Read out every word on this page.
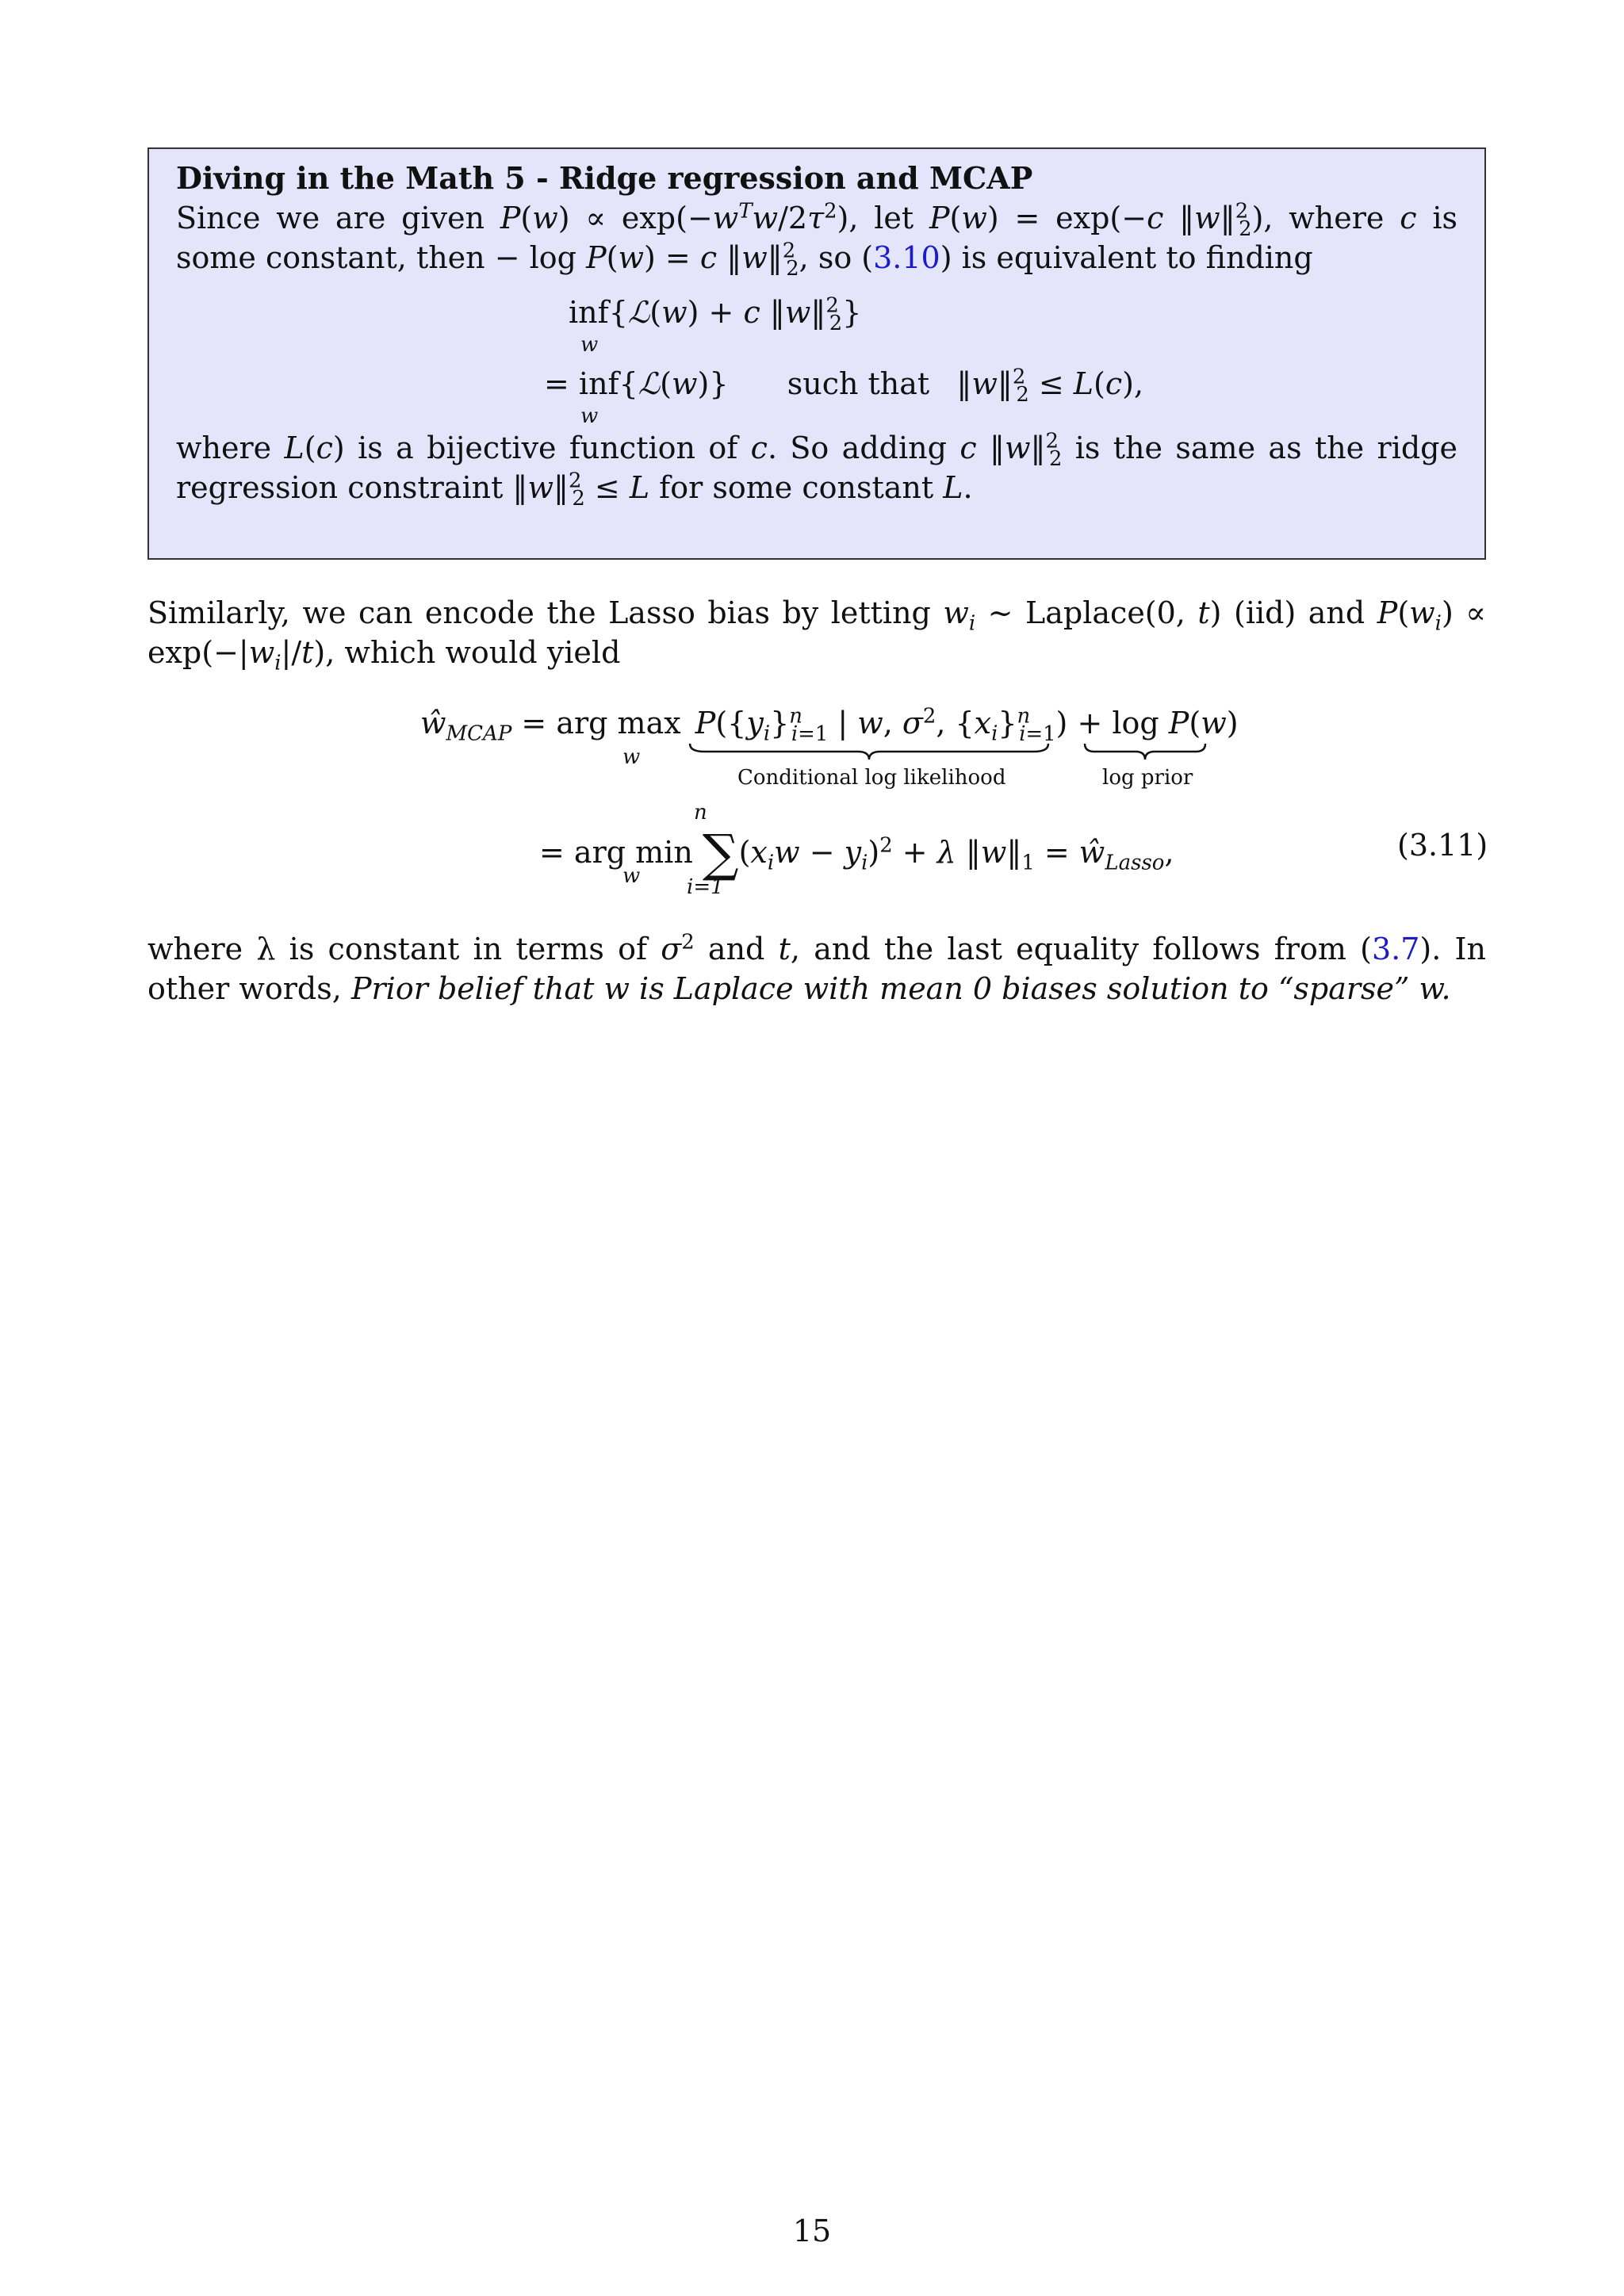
Diving in the Math 5 - Ridge regression and MCAP

Since we are given $P(w) \propto \exp(-w^Tw/2\tau^2)$, let P(w) = exp(−c ‖w‖$^2_2$), where c is some constant, then − log P(w) = c ‖w‖$^2_2$, so (3.10) is equivalent to finding

inf{ℒ(w) + c ‖w‖$^2_2$}
w
= inf{ℒ(w)}  such that  ‖w‖$^2_2$ ≤ L(c),
w

where L(c) is a bijective function of c. So adding c ‖w‖$^2_2$ is the same as the ridge regression constraint ‖w‖$^2_2$ ≤ L for some constant L.

Similarly, we can encode the Lasso bias by letting $w_i$ ∼ Laplace(0, t) (iid) and $P(w_i) \propto \exp(-|w_i|/t)$, which would yield
$ŵ_{MCAP}$ = arg $\max P(\{y_i\}^n_{i=1}$ | w, $\sigma^2$, $\{x_i\}^n_{i=1}) + \log P(w)$
w
Conditional log likelihood	log prior
n
= arg $\min \sum(x_iw - y_i)^2 + \lambda$ $‖w‖_1$ = $ŵ_{Lasso}$,
w i=1
(3.11)
where λ is constant in terms of $\sigma^2$ and t, and the last equality follows from (3.7). In other words, Prior belief that w is Laplace with mean 0 biases solution to “sparse” w.
15
